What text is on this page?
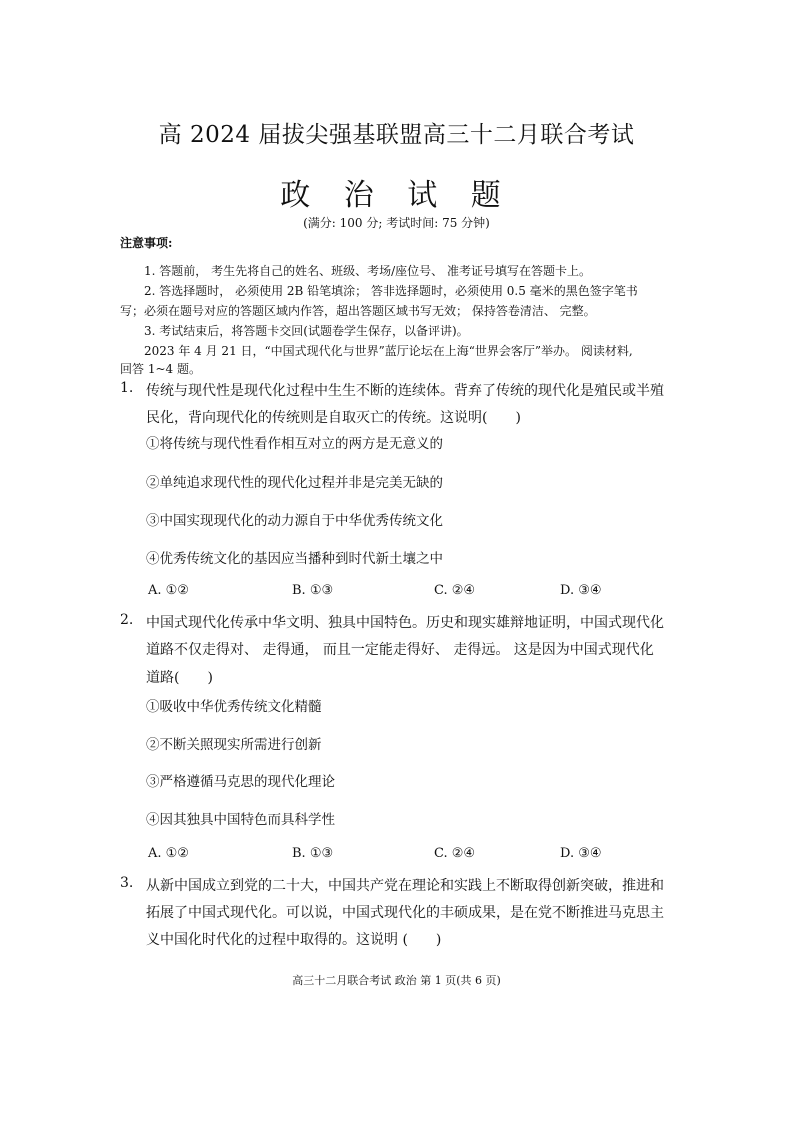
高 2024 届拔尖强基联盟高三十二月联合考试
政 治 试 题
(满分: 100 分; 考试时间: 75 分钟)
注意事项:
1. 答题前， 考生先将自己的姓名、班级、考场/座位号、 准考证号填写在答题卡上。
2. 答选择题时， 必须使用 2B 铅笔填涂； 答非选择题时，必须使用 0.5 毫米的黑色签字笔书
写；必须在题号对应的答题区域内作答，超出答题区域书写无效； 保持答卷清洁、 完整。
3. 考试结束后，将答题卡交回(试题卷学生保存，以备评讲)。
2023 年 4 月 21 日，“中国式现代化与世界”蓝厅论坛在上海“世界会客厅”举办。 阅读材料,
回答 1~4 题。
1. 传统与现代性是现代化过程中生生不断的连续体。背弃了传统的现代化是殖民或半殖
民化，背向现代化的传统则是自取灭亡的传统。这说明(　　)
①将传统与现代性看作相互对立的两方是无意义的
②单纯追求现代性的现代化过程并非是完美无缺的
③中国实现现代化的动力源自于中华优秀传统文化
④优秀传统文化的基因应当播种到时代新土壤之中
A. ①②	B. ①③	C. ②④	D. ③④
2. 中国式现代化传承中华文明、独具中国特色。历史和现实雄辩地证明，中国式现代化
道路不仅走得对、 走得通， 而且一定能走得好、 走得远。 这是因为中国式现代化
道路(　　)
①吸收中华优秀传统文化精髓
②不断关照现实所需进行创新
③严格遵循马克思的现代化理论
④因其独具中国特色而具科学性
A. ①②	B. ①③	C. ②④	D. ③④
3. 从新中国成立到党的二十大，中国共产党在理论和实践上不断取得创新突破，推进和
拓展了中国式现代化。可以说，中国式现代化的丰硕成果，是在党不断推进马克思主
义中国化时代化的过程中取得的。这说明 (　　)
高三十二月联合考试 政治 第 1 页(共 6 页)
